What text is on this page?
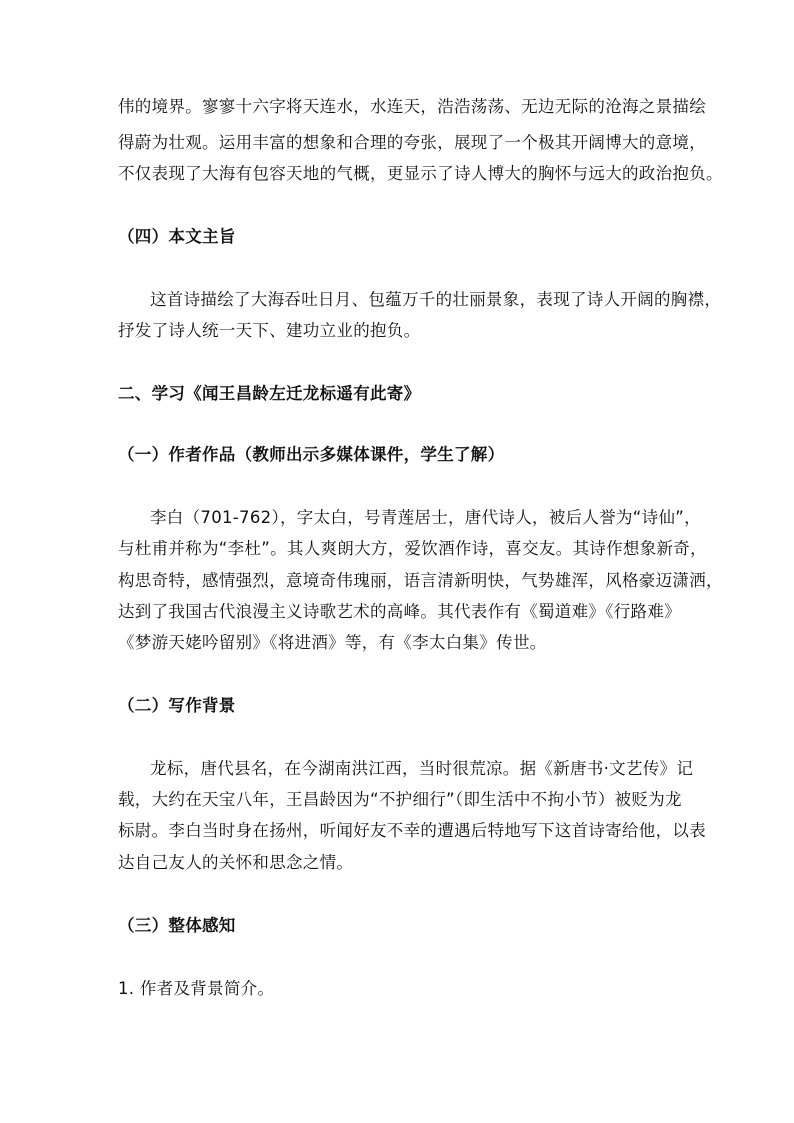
伟的境界。寥寥十六字将天连水，水连天，浩浩荡荡、无边无际的沧海之景描绘
得蔚为壮观。运用丰富的想象和合理的夸张，展现了一个极其开阔博大的意境，
不仅表现了大海有包容天地的气概，更显示了诗人博大的胸怀与远大的政治抱负。
（四）本文主旨
这首诗描绘了大海吞吐日月、包蕴万千的壮丽景象，表现了诗人开阔的胸襟，
抒发了诗人统一天下、建功立业的抱负。
二、学习《闻王昌龄左迁龙标遥有此寄》
（一）作者作品（教师出示多媒体课件，学生了解）
李白（701-762），字太白，号青莲居士，唐代诗人，被后人誉为“诗仙”，
与杜甫并称为“李杜”。其人爽朗大方，爱饮酒作诗，喜交友。其诗作想象新奇，
构思奇特，感情强烈，意境奇伟瑰丽，语言清新明快，气势雄浑，风格豪迈潇洒，
达到了我国古代浪漫主义诗歌艺术的高峰。其代表作有《蜀道难》《行路难》
《梦游天姥吟留别》《将进酒》等，有《李太白集》传世。
（二）写作背景
龙标，唐代县名，在今湖南洪江西，当时很荒凉。据《新唐书·文艺传》记
载，大约在天宝八年，王昌龄因为“不护细行”（即生活中不拘小节）被贬为龙
标尉。李白当时身在扬州，听闻好友不幸的遭遇后特地写下这首诗寄给他，以表
达自己友人的关怀和思念之情。
（三）整体感知
1. 作者及背景简介。
